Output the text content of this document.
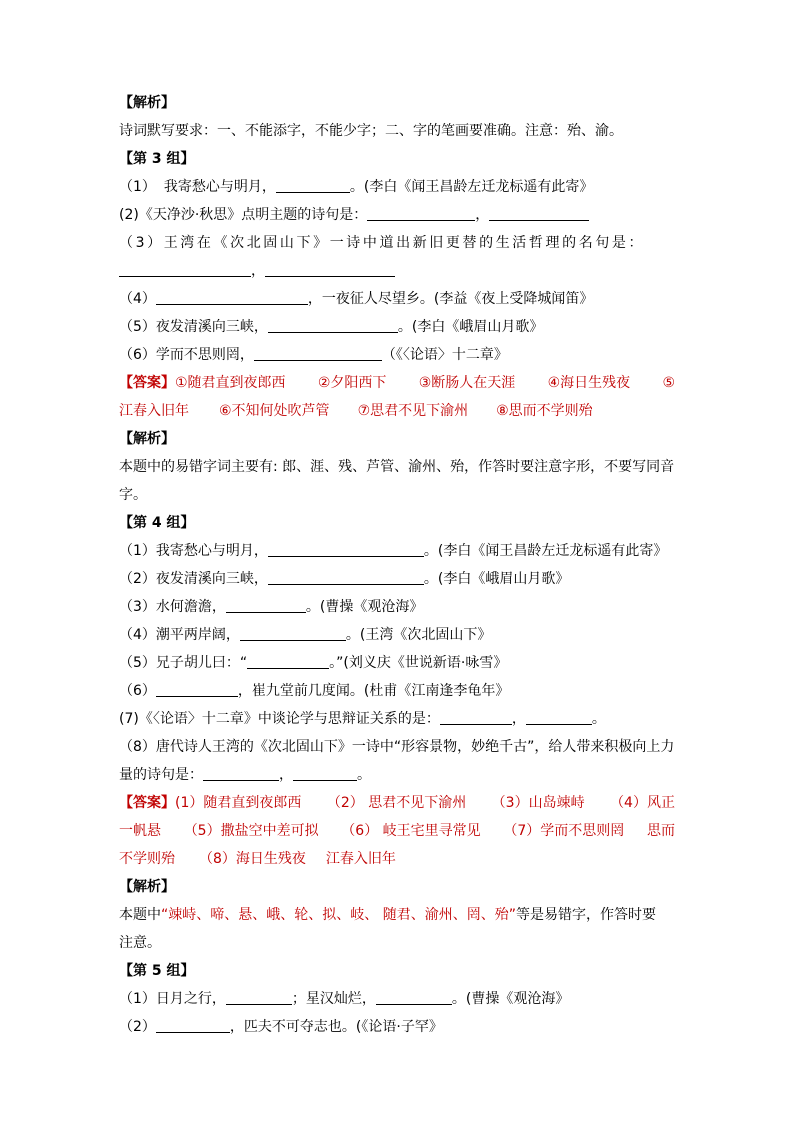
【解析】
诗词默写要求：一、不能添字，不能少字；二、字的笔画要准确。注意：殆、渝。
【第 3 组】
（1） 我寄愁心与明月，	。(李白《闻王昌龄左迁龙标遥有此寄》
(2)《天净沙·秋思》点明主题的诗句是：	，
（3）王湾在《次北固山下》一诗中道出新旧更替的生活哲理的名句是：
，
（4）	，一夜征人尽望乡。(李益《夜上受降城闻笛》
（5）夜发清溪向三峡，	。(李白《峨眉山月歌》
（6）学而不思则罔，	（《〈论语〉十二章》
【答案】①随君直到夜郎西 ②夕阳西下 ③断肠人在天涯 ④海日生残夜 ⑤
江春入旧年 ⑥不知何处吹芦管 ⑦思君不见下渝州 ⑧思而不学则殆
【解析】
本题中的易错字词主要有: 郎、涯、残、芦管、渝州、殆，作答时要注意字形，不要写同音
字。
【第 4 组】
（1）我寄愁心与明月，	。(李白《闻王昌龄左迁龙标遥有此寄》
（2）夜发清溪向三峡，	。(李白《峨眉山月歌》
（3）水何澹澹，	。(曹操《观沧海》
（4）潮平两岸阔，	。(王湾《次北固山下》
（5）兄子胡儿曰：“	。”(刘义庆《世说新语·咏雪》
（6）	，崔九堂前几度闻。(杜甫《江南逢李龟年》
(7)《〈论语〉十二章》中谈论学与思辩证关系的是：	，	。
（8）唐代诗人王湾的《次北固山下》一诗中“形容景物，妙绝千古”，给人带来积极向上力
量的诗句是：	，	。
【答案】(1）随君直到夜郎西 （2） 思君不见下渝州 （3）山岛竦峙 （4）风正
一帆悬 （5）撒盐空中差可拟 （6） 岐王宅里寻常见 （7）学而不思则罔 思而
不学则殆 （8）海日生残夜 江春入旧年
【解析】
本题中“竦峙、啼、悬、峨、轮、拟、岐、 随君、渝州、罔、殆”等是易错字，作答时要
注意。
【第 5 组】
（1）日月之行，	；星汉灿烂，	。(曹操《观沧海》
（2）	，匹夫不可夺志也。(《论语·子罕》
